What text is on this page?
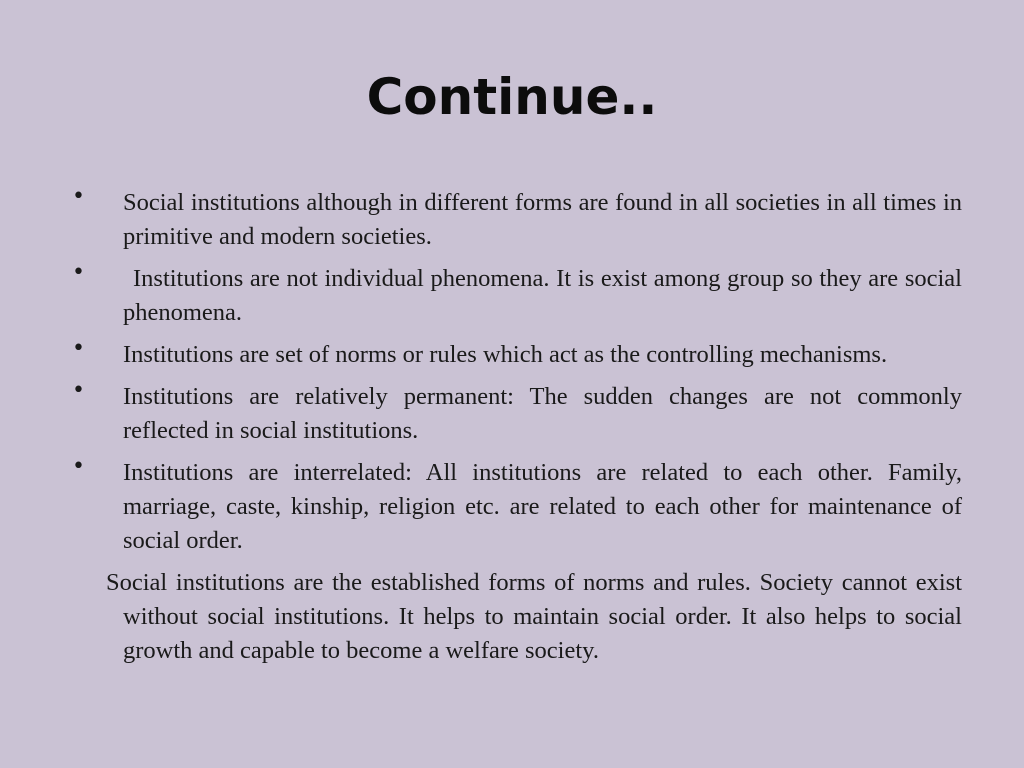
Continue..
• Social institutions although in different forms are found in all societies in all times in primitive and modern societies.
•	Institutions are not individual phenomena. It is exist among group so they are social phenomena.
• Institutions are set of norms or rules which act as the controlling mechanisms.
• Institutions are relatively permanent: The sudden changes are not commonly reflected in social institutions.
• Institutions are interrelated: All institutions are related to each other. Family, marriage, caste, kinship, religion etc. are related to each other for maintenance of social order.
Social institutions are the established forms of norms and rules. Society cannot exist without social institutions. It helps to maintain social order. It also helps to social growth and capable to become a welfare society.
